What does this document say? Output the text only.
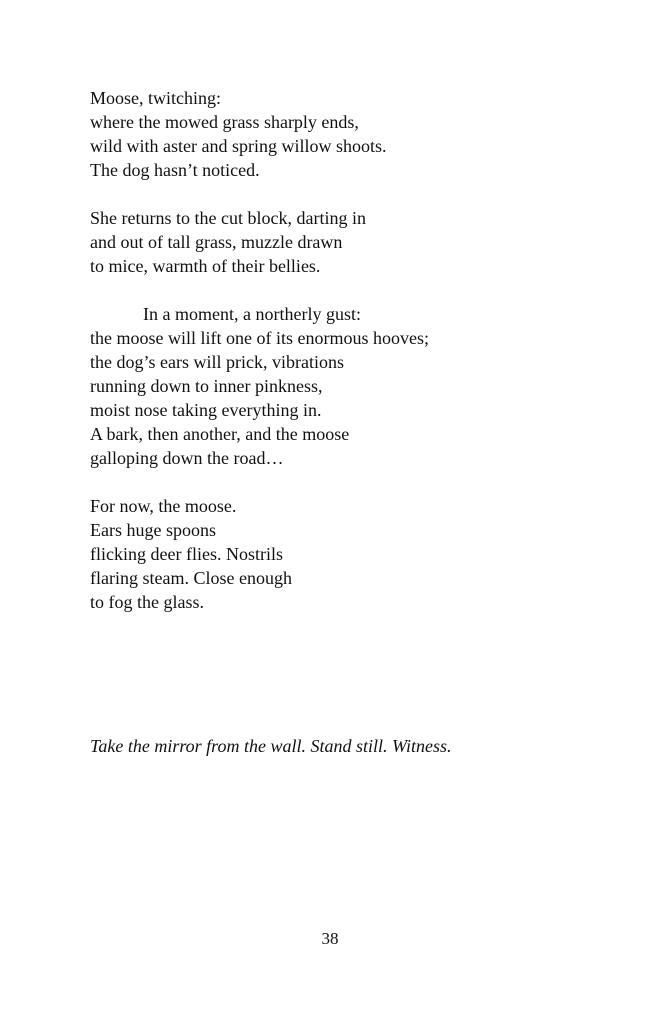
Moose, twitching:
where the mowed grass sharply ends,
wild with aster and spring willow shoots.
The dog hasn’t noticed.
She returns to the cut block, darting in
and out of tall grass, muzzle drawn
to mice, warmth of their bellies.
In a moment, a northerly gust:
the moose will lift one of its enormous hooves;
the dog’s ears will prick, vibrations
running down to inner pinkness,
moist nose taking everything in.
A bark, then another, and the moose
galloping down the road…
For now, the moose.
Ears huge spoons
flicking deer flies. Nostrils
flaring steam. Close enough
to fog the glass.
Take the mirror from the wall. Stand still. Witness.
38
